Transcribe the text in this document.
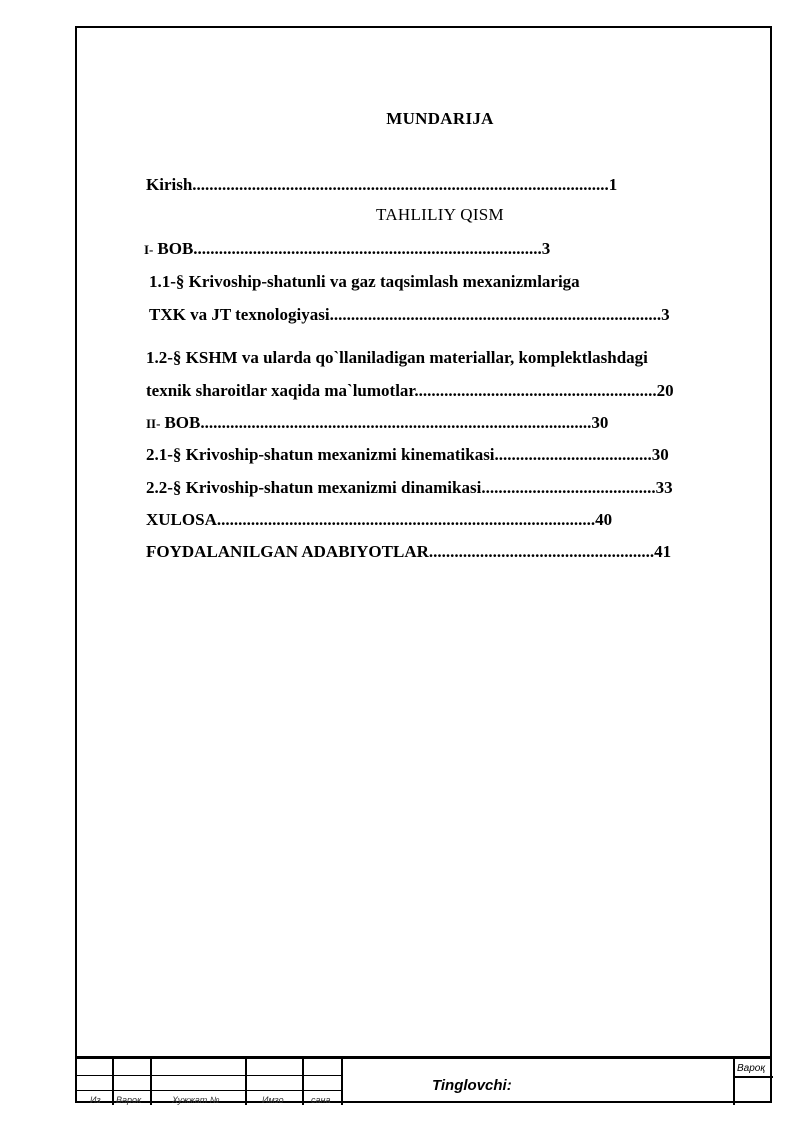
MUNDARIJA
Kirish..................................................................................................1
TAHLILIY QISM
I- BOB..................................................................................3
1.1-§ Krivoship-shatunli va gaz taqsimlash mexanizmlariga
TXK va JT texnologiyasi..............................................................................3
1.2-§ KSHM va ularda qo`llaniladigan materiallar, komplektlashdagi
texnik sharoitlar xaqida ma`lumotlar.........................................................20
II- BOB............................................................................................30
2.1-§ Krivoship-shatun mexanizmi kinematikasi.....................................30
2.2-§ Krivoship-shatun mexanizmi dinamikasi.........................................33
XULOSA.........................................................................................40
FOYDALANILGAN ADABIYOTLAR.....................................................41
Из Варок	Хужжат №	Имзо	сана
Tinglovchi:
Вароқ
